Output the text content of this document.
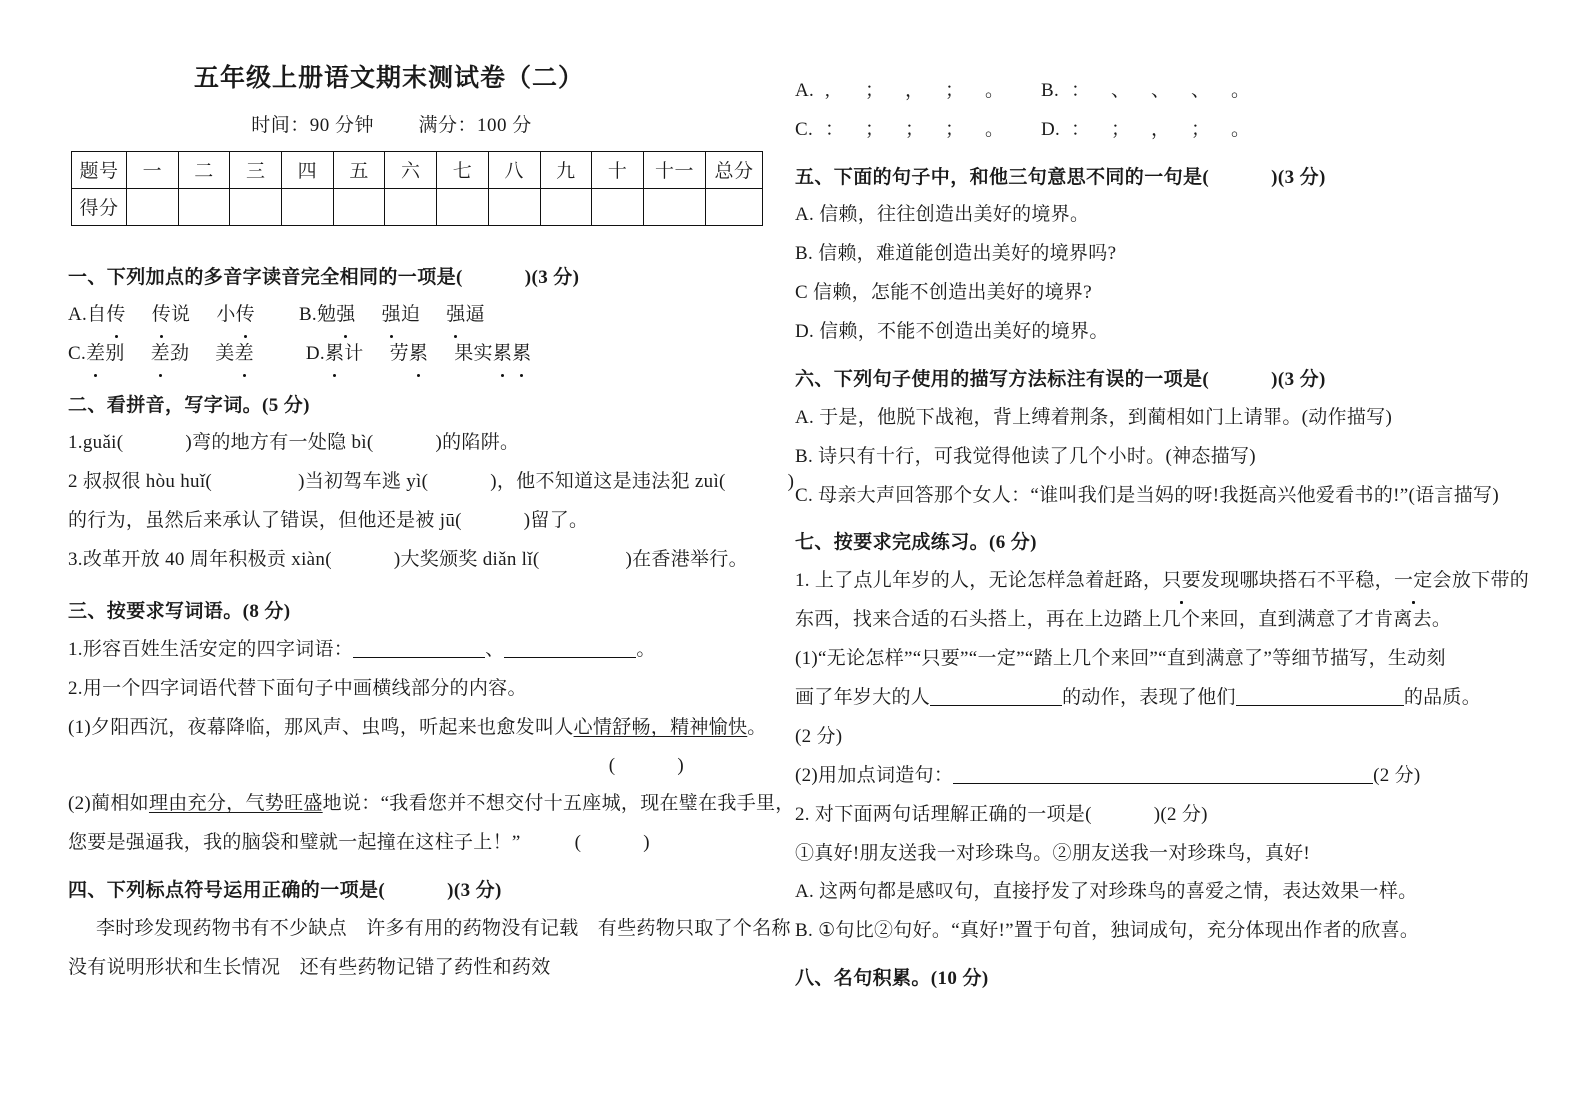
五年级上册语文期末测试卷（二）
时间：90 分钟 满分：100 分
题号	一	二	三	四	五	六	七	八	九	十	十一	总分
得分												
一、下列加点的多音字读音完全相同的一项是(	)(3 分)
A.自传 传说 小传 B.勉强 强迫 强逼
C.差别 差劲 美差	D.累计 劳累 果实累累
二、看拼音，写字词。(5 分)
1.guǎi(	)弯的地方有一处隐 bì(	)的陷阱。
2 叔叔很 hòu huǐ(	)当初驾车逃 yì(	)，他不知道这是违法犯 zuì(	)
的行为，虽然后来承认了错误，但他还是被 jū(	)留了。
3.改革开放 40 周年积极贡 xiàn(	)大奖颁奖 diǎn lǐ(	)在香港举行。
三、按要求写词语。(8 分)
1.形容百姓生活安定的四字词语：	、	。
2.用一个四字词语代替下面句子中画横线部分的内容。
(1)夕阳西沉，夜幕降临，那风声、虫鸣，听起来也愈发叫人心情舒畅，精神愉快。
(	)
(2)蔺相如理由充分，气势旺盛地说：“我看您并不想交付十五座城，现在璧在我手里，
您要是强逼我，我的脑袋和璧就一起撞在这柱子上！”	(	)
四、下列标点符号运用正确的一项是(	)(3 分)
李时珍发现药物书有不少缺点　许多有用的药物没有记载　有些药物只取了个名称
没有说明形状和生长情况　还有些药物记错了药性和药效
A. , ； ， ； 。 B. ： 、 、 、 。
C. ： ； ； ； 。 D. ： ； ， ； 。
五、下面的句子中，和他三句意思不同的一句是(	)(3 分)
A. 信赖，往往创造出美好的境界。
B. 信赖，难道能创造出美好的境界吗?
C 信赖，怎能不创造出美好的境界?
D. 信赖，不能不创造出美好的境界。
六、下列句子使用的描写方法标注有误的一项是(	)(3 分)
A. 于是，他脱下战袍，背上缚着荆条，到蔺相如门上请罪。(动作描写)
B. 诗只有十行，可我觉得他读了几个小时。(神态描写)
C. 母亲大声回答那个女人：“谁叫我们是当妈的呀!我挺高兴他爱看书的!”(语言描写)
七、按要求完成练习。(6 分)
1. 上了点儿年岁的人，无论怎样急着赶路，只要发现哪块搭石不平稳，一定会放下带的
东西，找来合适的石头搭上，再在上边踏上几个来回，直到满意了才肯离去。
(1)“无论怎样”“只要”“一定”“踏上几个来回”“直到满意了”等细节描写，生动刻
画了年岁大的人	的动作，表现了他们	的品质。
(2 分)
(2)用加点词造句：	(2 分)
2. 对下面两句话理解正确的一项是(	)(2 分)
①真好!朋友送我一对珍珠鸟。②朋友送我一对珍珠鸟，真好!
A. 这两句都是感叹句，直接抒发了对珍珠鸟的喜爱之情，表达效果一样。
B. ①句比②句好。“真好!”置于句首，独词成句，充分体现出作者的欣喜。
八、名句积累。(10 分)
